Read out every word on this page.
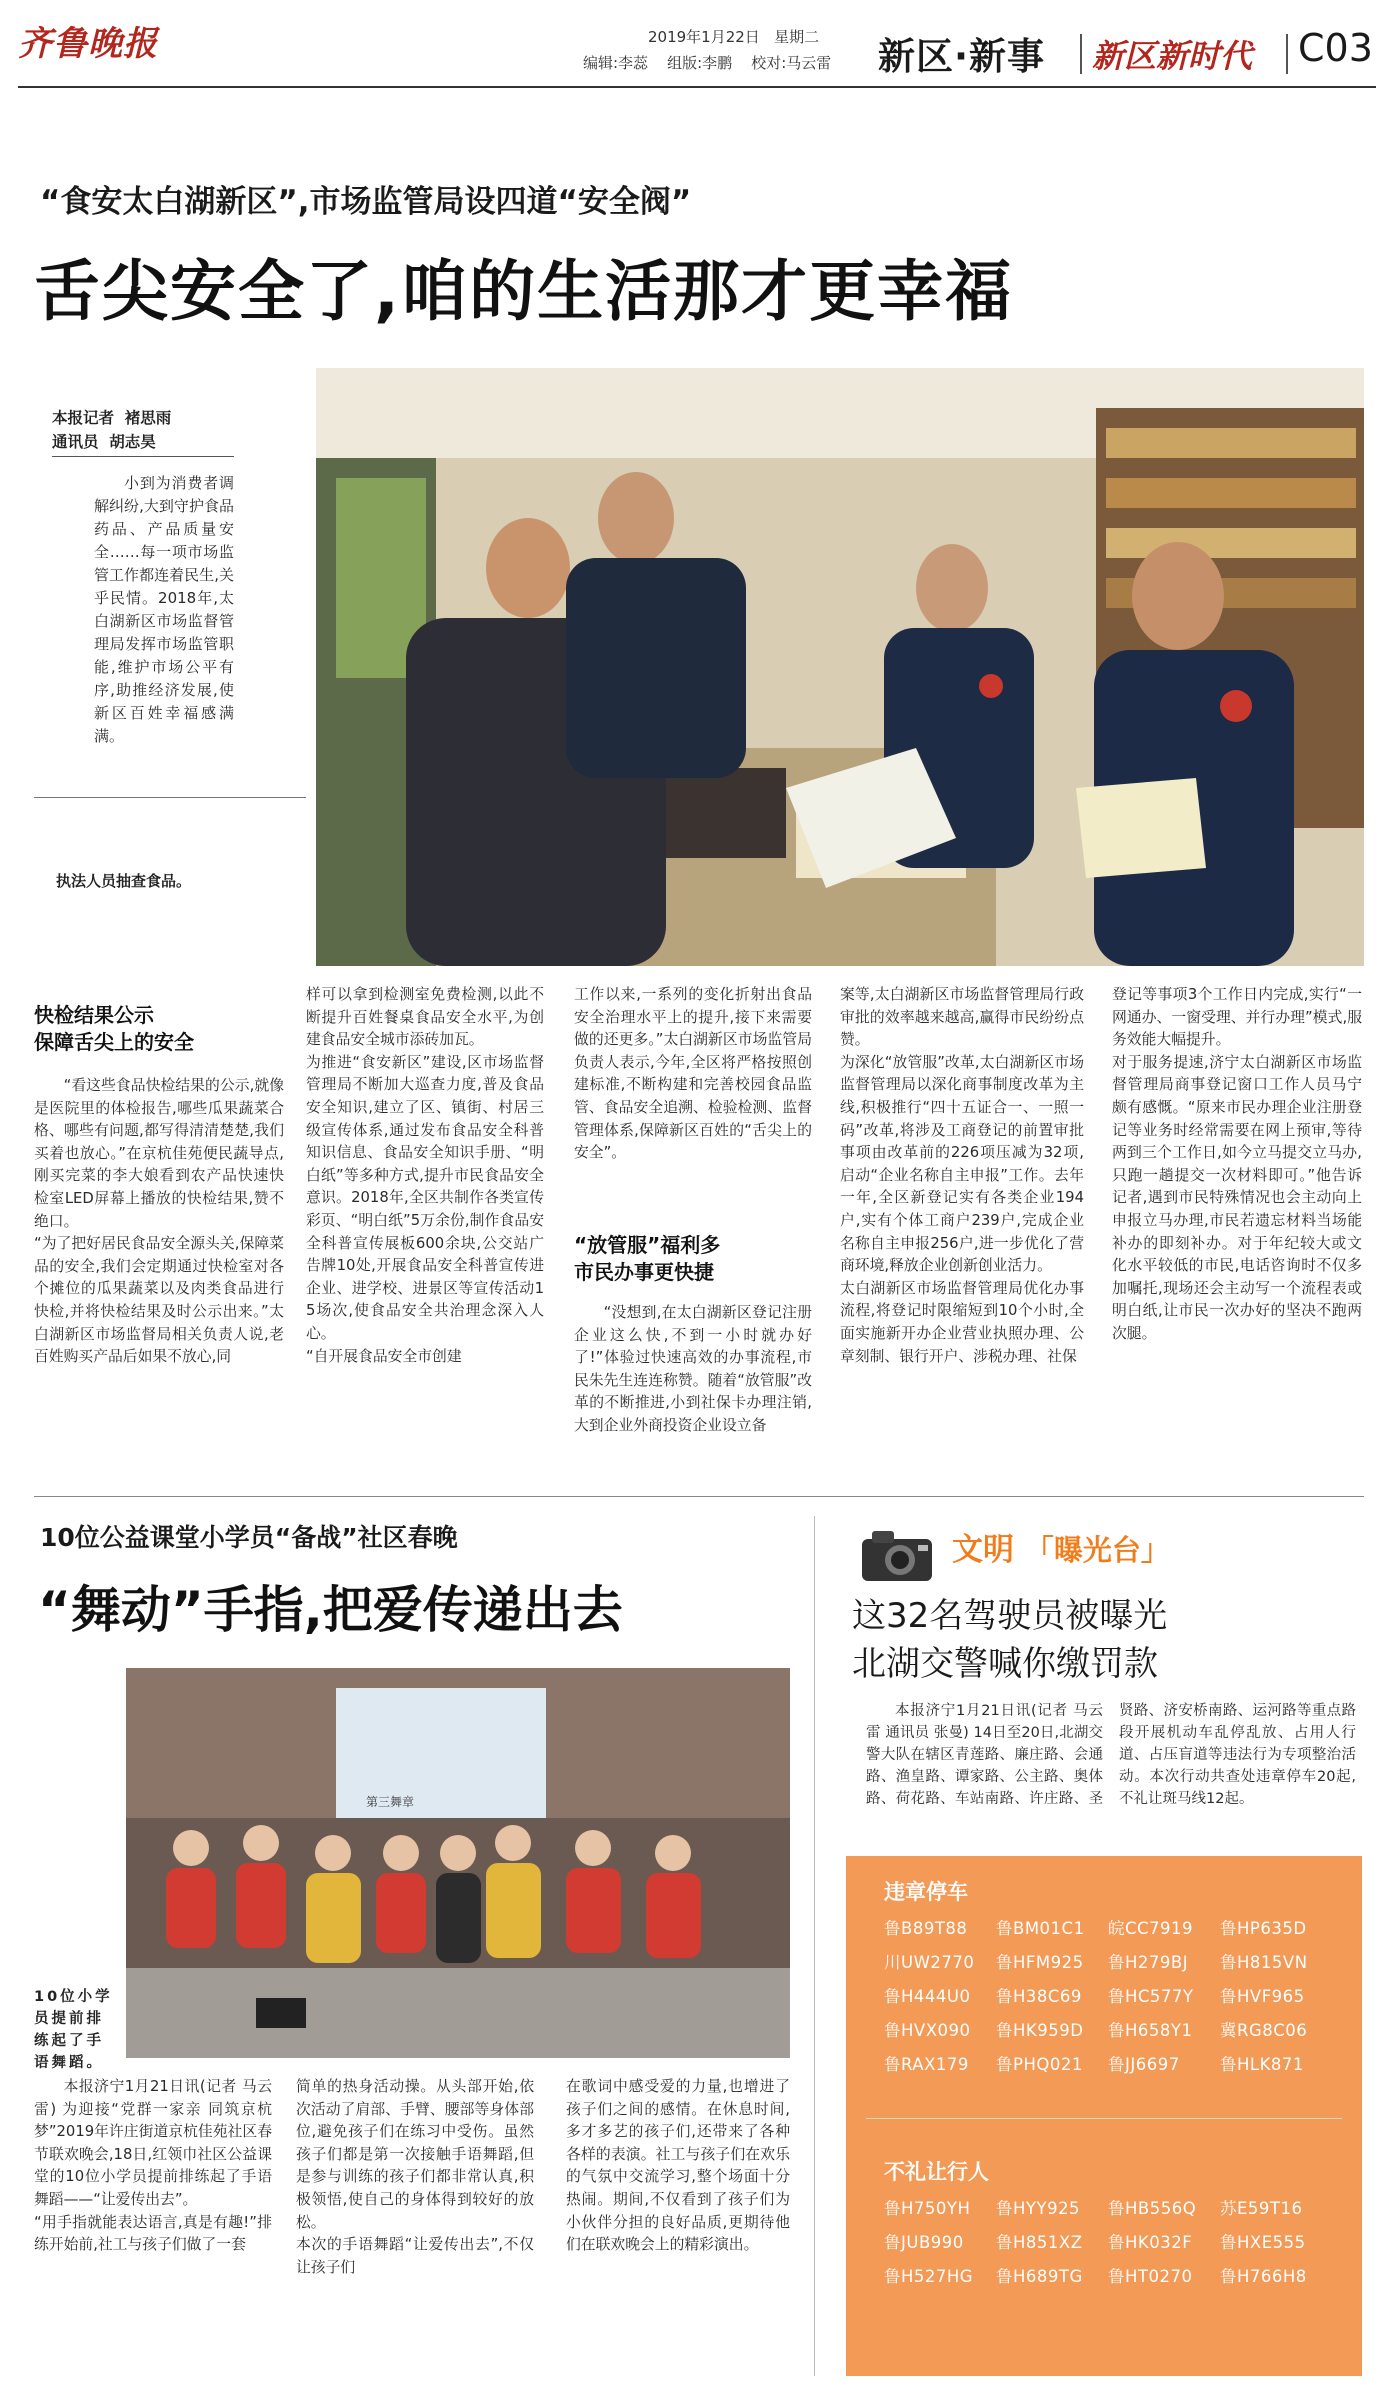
齐鲁晚报	2019年1月22日 星期二
编辑:李蕊    组版:李鹏    校对:马云雷 新区·新事 新区新时代 C03
“食安太白湖新区”,市场监管局设四道“安全阀”
舌尖安全了,咱的生活那才更幸福
本报记者  褚思雨
通讯员  胡志昊
小到为消费者调解纠纷,大到守护食品药品、产品质量安全……每一项市场监管工作都连着民生,关乎民情。2018年,太白湖新区市场监督管理局发挥市场监管职能,维护市场公平有序,助推经济发展,使新区百姓幸福感满满。
执法人员抽查食品。
快检结果公示
保障舌尖上的安全
“看这些食品快检结果的公示,就像是医院里的体检报告,哪些瓜果蔬菜合格、哪些有问题,都写得清清楚楚,我们买着也放心。”在京杭佳苑便民蔬导点,刚买完菜的李大娘看到农产品快速快检室LED屏幕上播放的快检结果,赞不绝口。
“为了把好居民食品安全源头关,保障菜品的安全,我们会定期通过快检室对各个摊位的瓜果蔬菜以及肉类食品进行快检,并将快检结果及时公示出来。”太白湖新区市场监督局相关负责人说,老百姓购买产品后如果不放心,同
样可以拿到检测室免费检测,以此不断提升百姓餐桌食品安全水平,为创建食品安全城市添砖加瓦。
为推进“食安新区”建设,区市场监督管理局不断加大巡查力度,普及食品安全知识,建立了区、镇街、村居三级宣传体系,通过发布食品安全科普知识信息、食品安全知识手册、“明白纸”等多种方式,提升市民食品安全意识。2018年,全区共制作各类宣传彩页、“明白纸”5万余份,制作食品安全科普宣传展板600余块,公交站广告牌10处,开展食品安全科普宣传进企业、进学校、进景区等宣传活动15场次,使食品安全共治理念深入人心。
“自开展食品安全市创建
工作以来,一系列的变化折射出食品安全治理水平上的提升,接下来需要做的还更多。”太白湖新区市场监管局负责人表示,今年,全区将严格按照创建标准,不断构建和完善校园食品监管、食品安全追溯、检验检测、监督管理体系,保障新区百姓的“舌尖上的安全”。
“放管服”福利多
市民办事更快捷
“没想到,在太白湖新区登记注册企业这么快,不到一小时就办好了!”体验过快速高效的办事流程,市民朱先生连连称赞。随着“放管服”改革的不断推进,小到社保卡办理注销,大到企业外商投资企业设立备
案等,太白湖新区市场监督管理局行政审批的效率越来越高,赢得市民纷纷点赞。
为深化“放管服”改革,太白湖新区市场监督管理局以深化商事制度改革为主线,积极推行“四十五证合一、一照一码”改革,将涉及工商登记的前置审批事项由改革前的226项压减为32项,启动“企业名称自主申报”工作。去年一年,全区新登记实有各类企业194户,实有个体工商户239户,完成企业名称自主申报256户,进一步优化了营商环境,释放企业创新创业活力。
太白湖新区市场监督管理局优化办事流程,将登记时限缩短到10个小时,全面实施新开办企业营业执照办理、公章刻制、银行开户、涉税办理、社保
登记等事项3个工作日内完成,实行“一网通办、一窗受理、并行办理”模式,服务效能大幅提升。
对于服务提速,济宁太白湖新区市场监督管理局商事登记窗口工作人员马宁颇有感慨。“原来市民办理企业注册登记等业务时经常需要在网上预审,等待两到三个工作日,如今立马提交立马办,只跑一趟提交一次材料即可。”他告诉记者,遇到市民特殊情况也会主动向上申报立马办理,市民若遗忘材料当场能补办的即刻补办。对于年纪较大或文化水平较低的市民,电话咨询时不仅多加嘱托,现场还会主动写一个流程表或明白纸,让市民一次办好的坚决不跑两次腿。
10位公益课堂小学员“备战”社区春晚
“舞动”手指,把爱传递出去
第三舞章
10位小学员提前排练起了手语舞蹈。
本报济宁1月21日讯(记者 马云雷) 为迎接“党群一家亲 同筑京杭梦”2019年许庄街道京杭佳苑社区春节联欢晚会,18日,红领巾社区公益课堂的10位小学员提前排练起了手语舞蹈——“让爱传出去”。
“用手指就能表达语言,真是有趣!”排练开始前,社工与孩子们做了一套
简单的热身活动操。从头部开始,依次活动了肩部、手臂、腰部等身体部位,避免孩子们在练习中受伤。虽然孩子们都是第一次接触手语舞蹈,但是参与训练的孩子们都非常认真,积极领悟,使自己的身体得到较好的放松。
本次的手语舞蹈“让爱传出去”,不仅让孩子们
在歌词中感受爱的力量,也增进了孩子们之间的感情。在休息时间,多才多艺的孩子们,还带来了各种各样的表演。社工与孩子们在欢乐的气氛中交流学习,整个场面十分热闹。期间,不仅看到了孩子们为小伙伴分担的良好品质,更期待他们在联欢晚会上的精彩演出。
文明 「曝光台」
这32名驾驶员被曝光
北湖交警喊你缴罚款
本报济宁1月21日讯(记者 马云雷 通讯员 张曼) 14日至20日,北湖交警大队在辖区青莲路、廉庄路、会通路、渔皇路、谭家路、公主路、奥体路、荷花路、车站南路、许庄路、圣贤路、济安桥南路、运河路等重点路段开展机动车乱停乱放、占用人行道、占压盲道等违法行为专项整治活动。本次行动共查处违章停车20起,不礼让斑马线12起。
违章停车
鲁B89T88	鲁BM01C1	皖CC7919	鲁HP635D
川UW2770	鲁HFM925	鲁H279BJ	鲁H815VN
鲁H444U0	鲁H38C69	鲁HC577Y	鲁HVF965
鲁HVX090	鲁HK959D	鲁H658Y1	冀RG8C06
鲁RAX179	鲁PHQ021	鲁JJ6697	鲁HLK871
不礼让行人
鲁H750YH	鲁HYY925	鲁HB556Q	苏E59T16
鲁JUB990	鲁H851XZ	鲁HK032F	鲁HXE555
鲁H527HG	鲁H689TG	鲁HT0270	鲁H766H8
